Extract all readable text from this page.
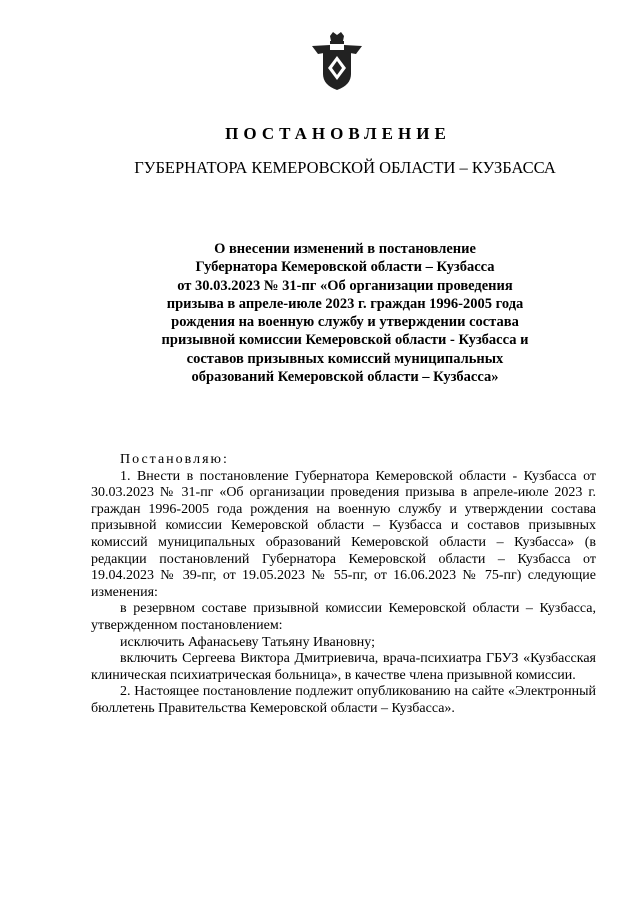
ПОСТАНОВЛЕНИЕ
ГУБЕРНАТОРА КЕМЕРОВСКОЙ ОБЛАСТИ – КУЗБАССА
О внесении изменений в постановление
Губернатора Кемеровской области – Кузбасса
от 30.03.2023 № 31-пг «Об организации проведения
призыва в апреле-июле 2023 г. граждан 1996-2005 года
рождения на военную службу и утверждении состава
призывной комиссии Кемеровской области - Кузбасса и
составов призывных комиссий муниципальных
образований Кемеровской области – Кузбасса»

Постановляю:

1. Внести в постановление Губернатора Кемеровской области - Кузбасса от 30.03.2023 № 31-пг «Об организации проведения призыва в апреле-июле 2023 г. граждан 1996-2005 года рождения на военную службу и утверждении состава призывной комиссии Кемеровской области – Кузбасса и составов призывных комиссий муниципальных образований Кемеровской области – Кузбасса» (в редакции постановлений Губернатора Кемеровской области – Кузбасса от 19.04.2023 № 39-пг, от 19.05.2023 № 55-пг, от 16.06.2023 № 75-пг) следующие изменения:

в резервном составе призывной комиссии Кемеровской области – Кузбасса, утвержденном постановлением:

исключить Афанасьеву Татьяну Ивановну;

включить Сергеева Виктора Дмитриевича, врача-психиатра ГБУЗ «Кузбасская клиническая психиатрическая больница», в качестве члена призывной комиссии.

2. Настоящее постановление подлежит опубликованию на сайте «Электронный бюллетень Правительства Кемеровской области – Кузбасса».
